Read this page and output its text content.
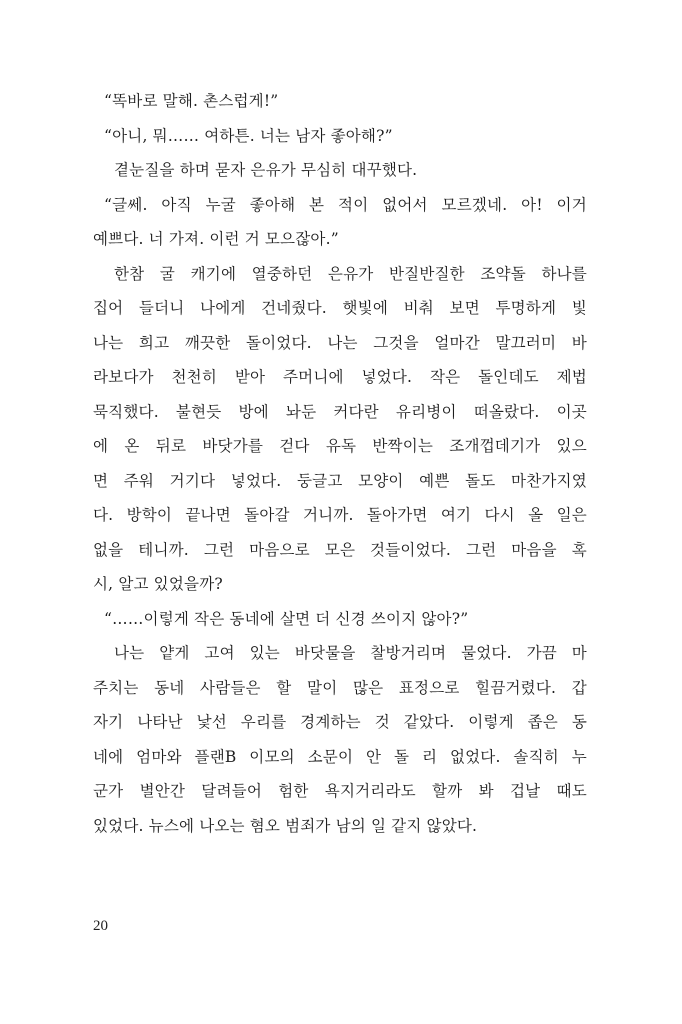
“똑바로 말해. 촌스럽게!”
“아니, 뭐…… 여하튼. 너는 남자 좋아해?”
곁눈질을 하며 묻자 은유가 무심히 대꾸했다.
“글쎄. 아직 누굴 좋아해 본 적이 없어서 모르겠네. 아! 이거
예쁘다. 너 가져. 이런 거 모으잖아.”
한참 굴 캐기에 열중하던 은유가 반질반질한 조약돌 하나를
집어 들더니 나에게 건네줬다. 햇빛에 비춰 보면 투명하게 빛
나는 희고 깨끗한 돌이었다. 나는 그것을 얼마간 말끄러미 바
라보다가 천천히 받아 주머니에 넣었다. 작은 돌인데도 제법
묵직했다. 불현듯 방에 놔둔 커다란 유리병이 떠올랐다. 이곳
에 온 뒤로 바닷가를 걷다 유독 반짝이는 조개껍데기가 있으
면 주워 거기다 넣었다. 둥글고 모양이 예쁜 돌도 마찬가지였
다. 방학이 끝나면 돌아갈 거니까. 돌아가면 여기 다시 올 일은
없을 테니까. 그런 마음으로 모은 것들이었다. 그런 마음을 혹
시, 알고 있었을까?
“……이렇게 작은 동네에 살면 더 신경 쓰이지 않아?”
나는 얕게 고여 있는 바닷물을 찰방거리며 물었다. 가끔 마
주치는 동네 사람들은 할 말이 많은 표정으로 힐끔거렸다. 갑
자기 나타난 낯선 우리를 경계하는 것 같았다. 이렇게 좁은 동
네에 엄마와 플랜B 이모의 소문이 안 돌 리 없었다. 솔직히 누
군가 별안간 달려들어 험한 욕지거리라도 할까 봐 겁날 때도
있었다. 뉴스에 나오는 혐오 범죄가 남의 일 같지 않았다.
20
